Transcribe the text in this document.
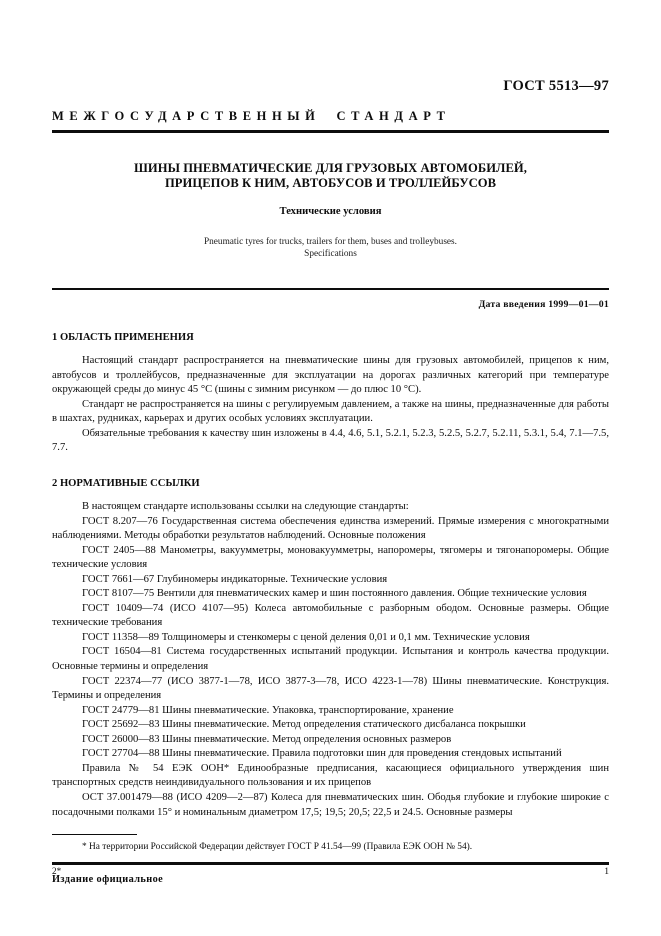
ГОСТ 5513—97
МЕЖГОСУДАРСТВЕННЫЙ СТАНДАРТ
ШИНЫ ПНЕВМАТИЧЕСКИЕ ДЛЯ ГРУЗОВЫХ АВТОМОБИЛЕЙ,
ПРИЦЕПОВ К НИМ, АВТОБУСОВ И ТРОЛЛЕЙБУСОВ
Технические условия
Pneumatic tyres for trucks, trailers for them, buses and trolleybuses.
Specifications
Дата введения 1999—01—01
1 ОБЛАСТЬ ПРИМЕНЕНИЯ

Настоящий стандарт распространяется на пневматические шины для грузовых автомобилей, прицепов к ним, автобусов и троллейбусов, предназначенные для эксплуатации на дорогах различных категорий при температуре окружающей среды до минус 45 °С (шины с зимним рисунком — до плюс 10 °С).

Стандарт не распространяется на шины с регулируемым давлением, а также на шины, предназначенные для работы в шахтах, рудниках, карьерах и других особых условиях эксплуатации.

Обязательные требования к качеству шин изложены в 4.4, 4.6, 5.1, 5.2.1, 5.2.3, 5.2.5, 5.2.7, 5.2.11, 5.3.1, 5.4, 7.1—7.5, 7.7.

2 НОРМАТИВНЫЕ ССЫЛКИ

В настоящем стандарте использованы ссылки на следующие стандарты:

ГОСТ 8.207—76 Государственная система обеспечения единства измерений. Прямые измерения с многократными наблюдениями. Методы обработки результатов наблюдений. Основные положения

ГОСТ 2405—88 Манометры, вакуумметры, моновакуумметры, напоромеры, тягомеры и тягонапоромеры. Общие технические условия

ГОСТ 7661—67 Глубиномеры индикаторные. Технические условия

ГОСТ 8107—75 Вентили для пневматических камер и шин постоянного давления. Общие технические условия

ГОСТ 10409—74 (ИСО 4107—95) Колеса автомобильные с разборным ободом. Основные размеры. Общие технические требования

ГОСТ 11358—89 Толщиномеры и стенкомеры с ценой деления 0,01 и 0,1 мм. Технические условия

ГОСТ 16504—81 Система государственных испытаний продукции. Испытания и контроль качества продукции. Основные термины и определения

ГОСТ 22374—77 (ИСО 3877-1—78, ИСО 3877-3—78, ИСО 4223-1—78) Шины пневматические. Конструкция. Термины и определения

ГОСТ 24779—81 Шины пневматические. Упаковка, транспортирование, хранение

ГОСТ 25692—83 Шины пневматические. Метод определения статического дисбаланса покрышки

ГОСТ 26000—83 Шины пневматические. Метод определения основных размеров

ГОСТ 27704—88 Шины пневматические. Правила подготовки шин для проведения стендовых испытаний

Правила № 54 ЕЭК ООН* Единообразные предписания, касающиеся официального утверждения шин транспортных средств неиндивидуального пользования и их прицепов

ОСТ 37.001479—88 (ИСО 4209—2—87) Колеса для пневматических шин. Ободья глубокие и глубокие широкие с посадочными полками 15° и номинальным диаметром 17,5; 19,5; 20,5; 22,5 и 24.5. Основные размеры

* На территории Российской Федерации действует ГОСТ Р 41.54—99 (Правила ЕЭК ООН № 54).
Издание официальное
2*	1
